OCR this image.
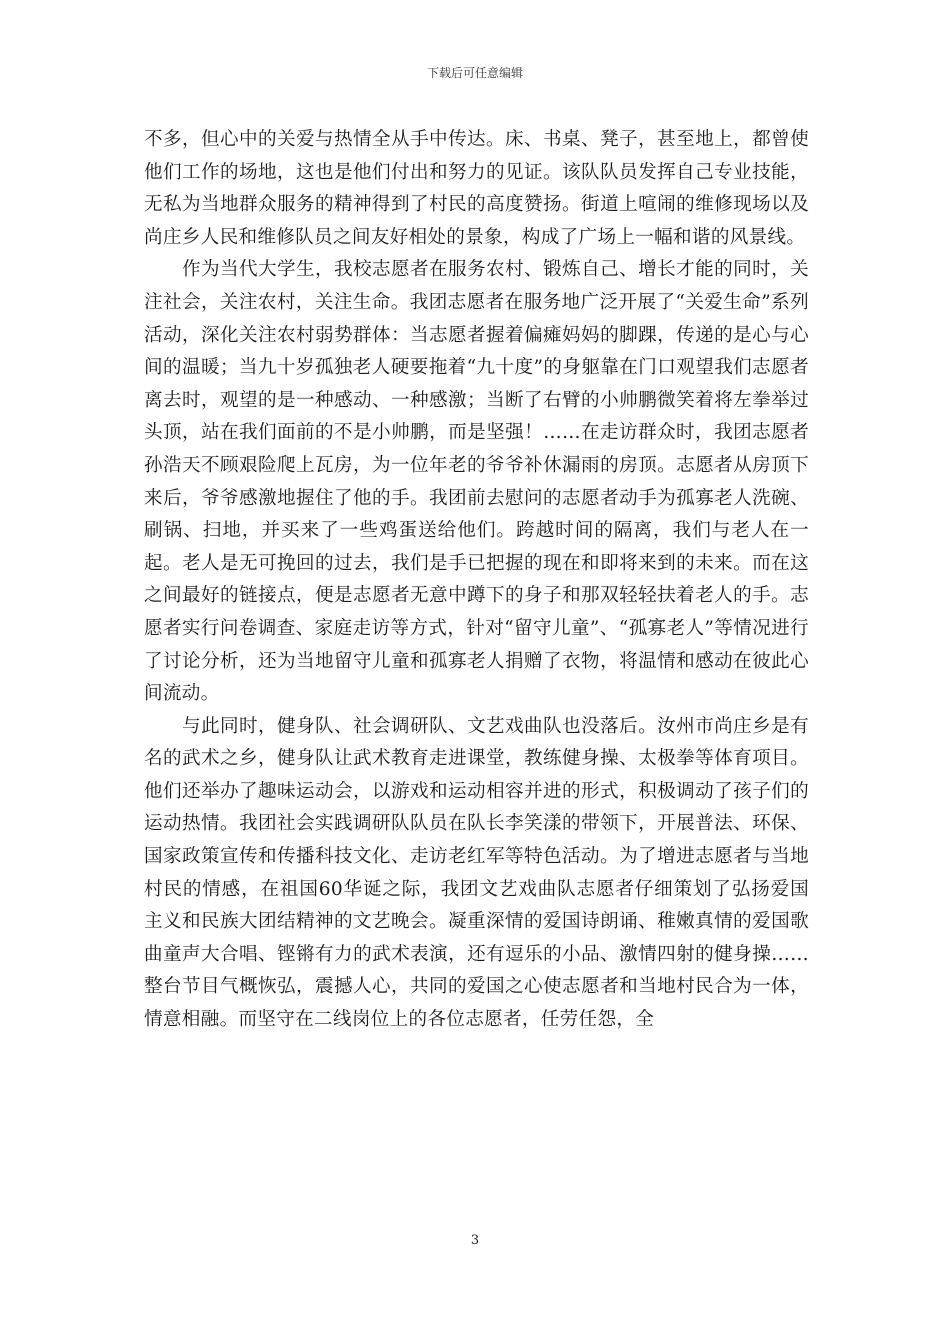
下载后可任意编辑

不多，但心中的关爱与热情全从手中传达。床、书桌、凳子，甚至地上，都曾使他们工作的场地，这也是他们付出和努力的见证。该队队员发挥自己专业技能，无私为当地群众服务的精神得到了村民的高度赞扬。街道上喧闹的维修现场以及尚庄乡人民和维修队员之间友好相处的景象，构成了广场上一幅和谐的风景线。

作为当代大学生，我校志愿者在服务农村、锻炼自己、增长才能的同时，关注社会，关注农村，关注生命。我团志愿者在服务地广泛开展了“关爱生命”系列活动，深化关注农村弱势群体：当志愿者握着偏瘫妈妈的脚踝，传递的是心与心间的温暖；当九十岁孤独老人硬要拖着“九十度”的身躯靠在门口观望我们志愿者离去时，观望的是一种感动、一种感激；当断了右臂的小帅鹏微笑着将左拳举过头顶，站在我们面前的不是小帅鹏，而是坚强！……在走访群众时，我团志愿者孙浩天不顾艰险爬上瓦房，为一位年老的爷爷补休漏雨的房顶。志愿者从房顶下来后，爷爷感激地握住了他的手。我团前去慰问的志愿者动手为孤寡老人洗碗、刷锅、扫地，并买来了一些鸡蛋送给他们。跨越时间的隔离，我们与老人在一起。老人是无可挽回的过去，我们是手已把握的现在和即将来到的未来。而在这之间最好的链接点，便是志愿者无意中蹲下的身子和那双轻轻扶着老人的手。志愿者实行问卷调查、家庭走访等方式，针对“留守儿童”、“孤寡老人”等情况进行了讨论分析，还为当地留守儿童和孤寡老人捐赠了衣物，将温情和感动在彼此心间流动。

与此同时，健身队、社会调研队、文艺戏曲队也没落后。汝州市尚庄乡是有名的武术之乡，健身队让武术教育走进课堂，教练健身操、太极拳等体育项目。他们还举办了趣味运动会，以游戏和运动相容并进的形式，积极调动了孩子们的运动热情。我团社会实践调研队队员在队长李笑漾的带领下，开展普法、环保、国家政策宣传和传播科技文化、走访老红军等特色活动。为了增进志愿者与当地村民的情感，在祖国60华诞之际，我团文艺戏曲队志愿者仔细策划了弘扬爱国主义和民族大团结精神的文艺晚会。凝重深情的爱国诗朗诵、稚嫩真情的爱国歌曲童声大合唱、铿锵有力的武术表演，还有逗乐的小品、激情四射的健身操……整台节目气概恢弘，震撼人心，共同的爱国之心使志愿者和当地村民合为一体，情意相融。而坚守在二线岗位上的各位志愿者，任劳任怨，全

3
